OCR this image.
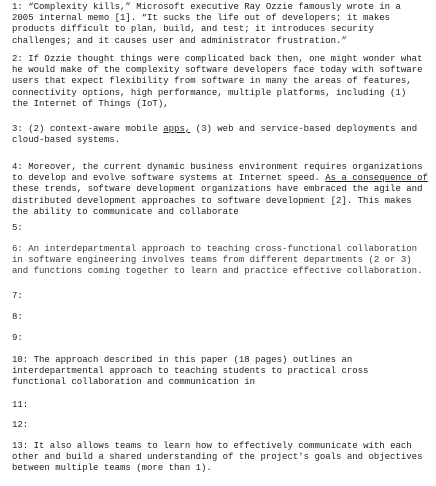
1: “Complexity kills,” Microsoft executive Ray Ozzie famously wrote in a 2005 internal memo [1]. “It sucks the life out of developers; it makes products difficult to plan, build, and test; it introduces security challenges; and it causes user and administrator frustration.”

2: If Ozzie thought things were complicated back then, one might wonder what he would make of the complexity software developers face today with software users that expect flexibility from software in many the areas of features, connectivity options, high performance, multiple platforms, including (1) the Internet of Things (IoT),

3: (2) context-aware mobile apps, (3) web and service-based deployments and cloud-based systems.

4: Moreover, the current dynamic business environment requires organizations to develop and evolve software systems at Internet speed. As a consequence of these trends, software development organizations have embraced the agile and distributed development approaches to software development [2]. This makes the ability to communicate and collaborate

5:

6: An interdepartmental approach to teaching cross-functional collaboration in software engineering involves teams from different departments (2 or 3) and functions coming together to learn and practice effective collaboration.

7:

8:

9:

10: The approach described in this paper (18 pages) outlines an interdepartmental approach to teaching students to practical cross functional collaboration and communication in

11:

12:

13: It also allows teams to learn how to effectively communicate with each other and build a shared understanding of the project's goals and objectives between multiple teams (more than 1).
